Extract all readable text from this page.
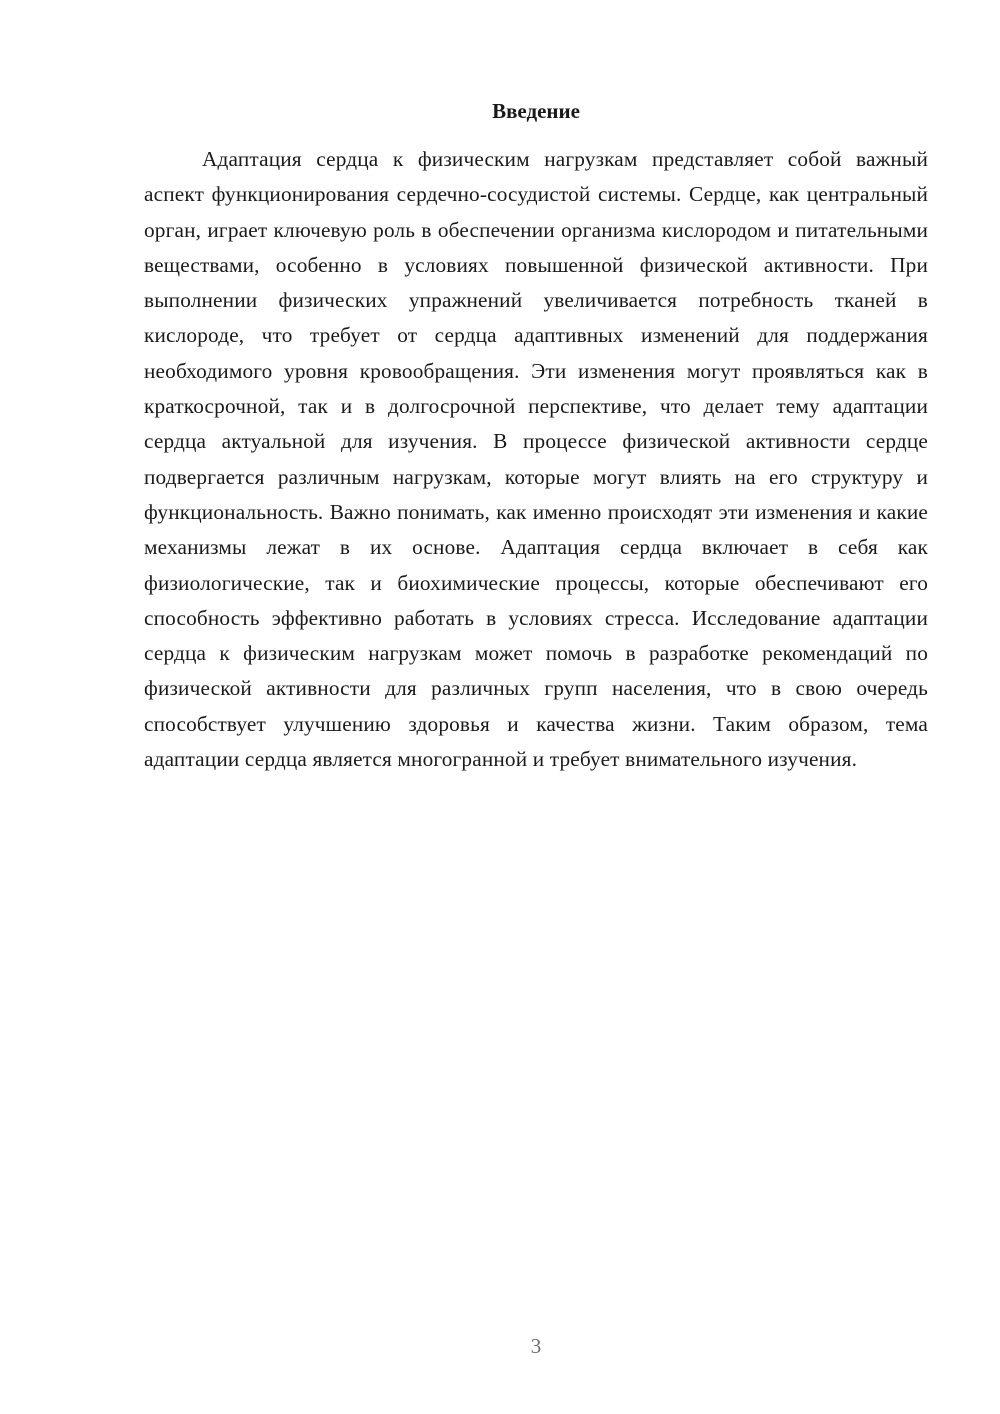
Введение

Адаптация сердца к физическим нагрузкам представляет собой важный аспект функционирования сердечно-сосудистой системы. Сердце, как центральный орган, играет ключевую роль в обеспечении организма кислородом и питательными веществами, особенно в условиях повышенной физической активности. При выполнении физических упражнений увеличивается потребность тканей в кислороде, что требует от сердца адаптивных изменений для поддержания необходимого уровня кровообращения. Эти изменения могут проявляться как в краткосрочной, так и в долгосрочной перспективе, что делает тему адаптации сердца актуальной для изучения. В процессе физической активности сердце подвергается различным нагрузкам, которые могут влиять на его структуру и функциональность. Важно понимать, как именно происходят эти изменения и какие механизмы лежат в их основе. Адаптация сердца включает в себя как физиологические, так и биохимические процессы, которые обеспечивают его способность эффективно работать в условиях стресса. Исследование адаптации сердца к физическим нагрузкам может помочь в разработке рекомендаций по физической активности для различных групп населения, что в свою очередь способствует улучшению здоровья и качества жизни. Таким образом, тема адаптации сердца является многогранной и требует внимательного изучения.

3
